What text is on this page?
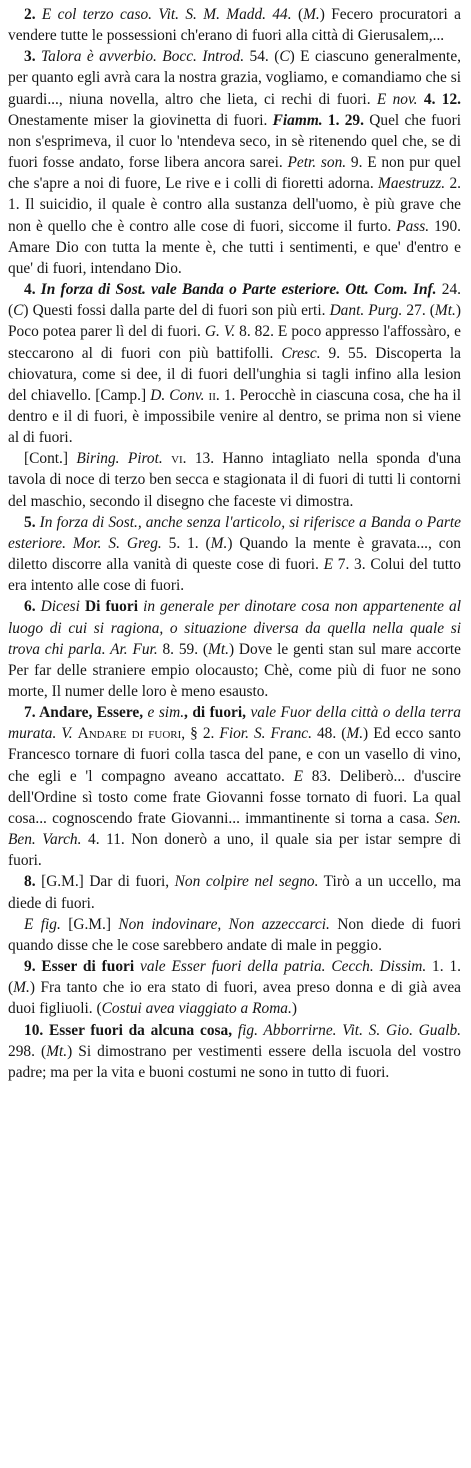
2. E col terzo caso. Vit. S. M. Madd. 44. (M.) Fecero procuratori a vendere tutte le possessioni ch'erano di fuori alla città di Gierusalem,...

3. Talora è avverbio. Bocc. Introd. 54. (C) E ciascuno generalmente, per quanto egli avrà cara la nostra grazia, vogliamo, e comandiamo che si guardi..., niuna novella, altro che lieta, ci rechi di fuori. E nov. 4. 12. Onestamente miser la giovinetta di fuori. Fiamm. 1. 29. Quel che fuori non s'esprimeva, il cuor lo 'ntendeva seco, in sè ritenendo quel che, se di fuori fosse andato, forse libera ancora sarei. Petr. son. 9. E non pur quel che s'apre a noi di fuore, Le rive e i colli di fioretti adorna. Maestruzz. 2. 1. Il suicidio, il quale è contro alla sustanza dell'uomo, è più grave che non è quello che è contro alle cose di fuori, siccome il furto. Pass. 190. Amare Dio con tutta la mente è, che tutti i sentimenti, e que' d'entro e que' di fuori, intendano Dio.

4. In forza di Sost. vale Banda o Parte esteriore. Ott. Com. Inf. 24. (C) Questi fossi dalla parte del di fuori son più erti. Dant. Purg. 27. (Mt.) Poco potea parer lì del di fuori. G. V. 8. 82. E poco appresso l'affossàro, e steccarono al di fuori con più battifolli. Cresc. 9. 55. Discoperta la chiovatura, come si dee, il di fuori dell'unghia si tagli infino alla lesion del chiavello. [Camp.] D. Conv. ii. 1. Perocchè in ciascuna cosa, che ha il dentro e il di fuori, è impossibile venire al dentro, se prima non si viene al di fuori.

[Cont.] Biring. Pirot. vi. 13. Hanno intagliato nella sponda d'una tavola di noce di terzo ben secca e stagionata il di fuori di tutti li contorni del maschio, secondo il disegno che faceste vi dimostra.

5. In forza di Sost., anche senza l'articolo, si riferisce a Banda o Parte esteriore. Mor. S. Greg. 5. 1. (M.) Quando la mente è gravata..., con diletto discorre alla vanità di queste cose di fuori. E 7. 3. Colui del tutto era intento alle cose di fuori.

6. Dicesi Di fuori in generale per dinotare cosa non appartenente al luogo di cui si ragiona, o situazione diversa da quella nella quale si trova chi parla. Ar. Fur. 8. 59. (Mt.) Dove le genti stan sul mare accorte Per far delle straniere empio olocausto; Chè, come più di fuor ne sono morte, Il numer delle loro è meno esausto.

7. Andare, Essere, e sim., di fuori, vale Fuor della città o della terra murata. V. Andare di fuori, § 2. Fior. S. Franc. 48. (M.) Ed ecco santo Francesco tornare di fuori colla tasca del pane, e con un vasello di vino, che egli e 'l compagno aveano accattato. E 83. Deliberò... d'uscire dell'Ordine sì tosto come frate Giovanni fosse tornato di fuori. La qual cosa... cognoscendo frate Giovanni... immantinente si torna a casa. Sen. Ben. Varch. 4. 11. Non donerò a uno, il quale sia per istar sempre di fuori.

8. [G.M.] Dar di fuori, Non colpire nel segno. Tirò a un uccello, ma diede di fuori.

E fig. [G.M.] Non indovinare, Non azzeccarci. Non diede di fuori quando disse che le cose sarebbero andate di male in peggio.

9. Esser di fuori vale Esser fuori della patria. Cecch. Dissim. 1. 1. (M.) Fra tanto che io era stato di fuori, avea preso donna e di già avea duoi figliuoli. (Costui avea viaggiato a Roma.)

10. Esser fuori da alcuna cosa, fig. Abborrirne. Vit. S. Gio. Gualb. 298. (Mt.) Si dimostrano per vestimenti essere della iscuola del vostro padre; ma per la vita e buoni costumi ne sono in tutto di fuori.
